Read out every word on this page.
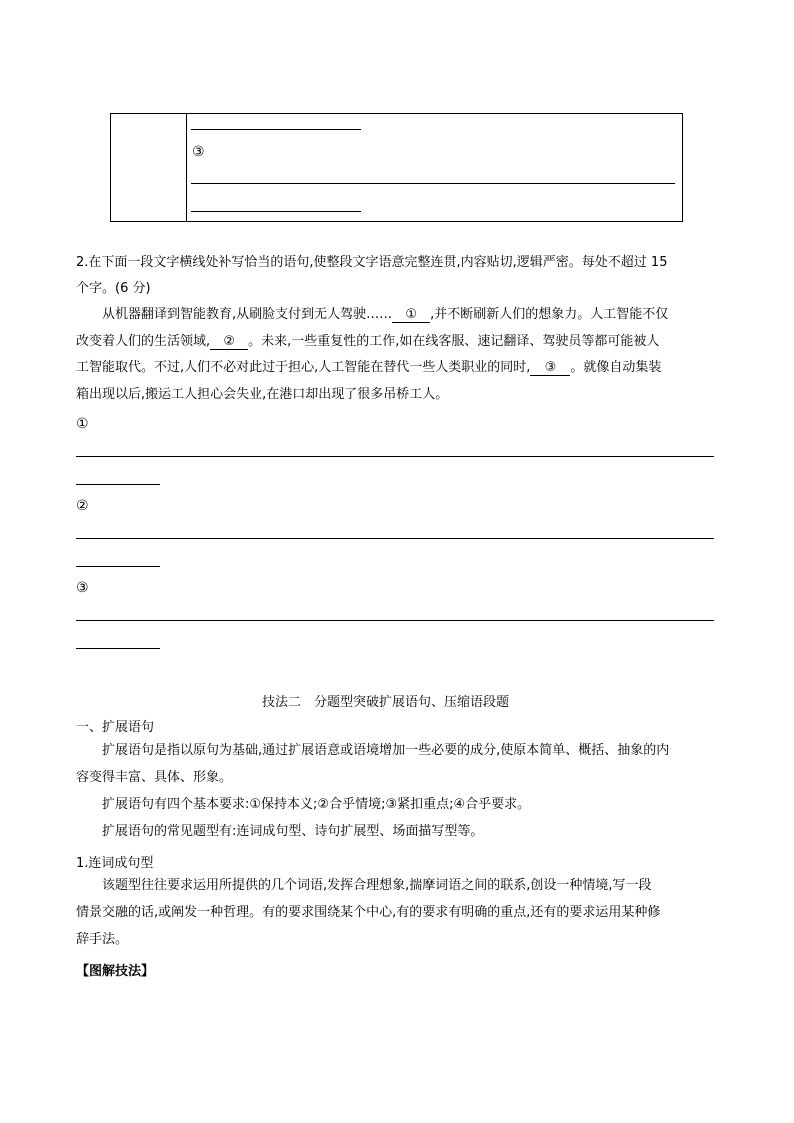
③
2.在下面一段文字横线处补写恰当的语句,使整段文字语意完整连贯,内容贴切,逻辑严密。每处不超过 15
个字。(6 分)
从机器翻译到智能教育,从刷脸支付到无人驾驶…… ① ,并不断刷新人们的想象力。人工智能不仅
改变着人们的生活领域, ② 。未来,一些重复性的工作,如在线客服、速记翻译、驾驶员等都可能被人
工智能取代。不过,人们不必对此过于担心,人工智能在替代一些人类职业的同时, ③ 。就像自动集装
箱出现以后,搬运工人担心会失业,在港口却出现了很多吊桥工人。
①
②
③
技法二　分题型突破扩展语句、压缩语段题
一、扩展语句
扩展语句是指以原句为基础,通过扩展语意或语境增加一些必要的成分,使原本简单、概括、抽象的内
容变得丰富、具体、形象。
扩展语句有四个基本要求:①保持本义;②合乎情境;③紧扣重点;④合乎要求。
扩展语句的常见题型有:连词成句型、诗句扩展型、场面描写型等。
1.连词成句型
该题型往往要求运用所提供的几个词语,发挥合理想象,揣摩词语之间的联系,创设一种情境,写一段
情景交融的话,或阐发一种哲理。有的要求围绕某个中心,有的要求有明确的重点,还有的要求运用某种修
辞手法。
【图解技法】
